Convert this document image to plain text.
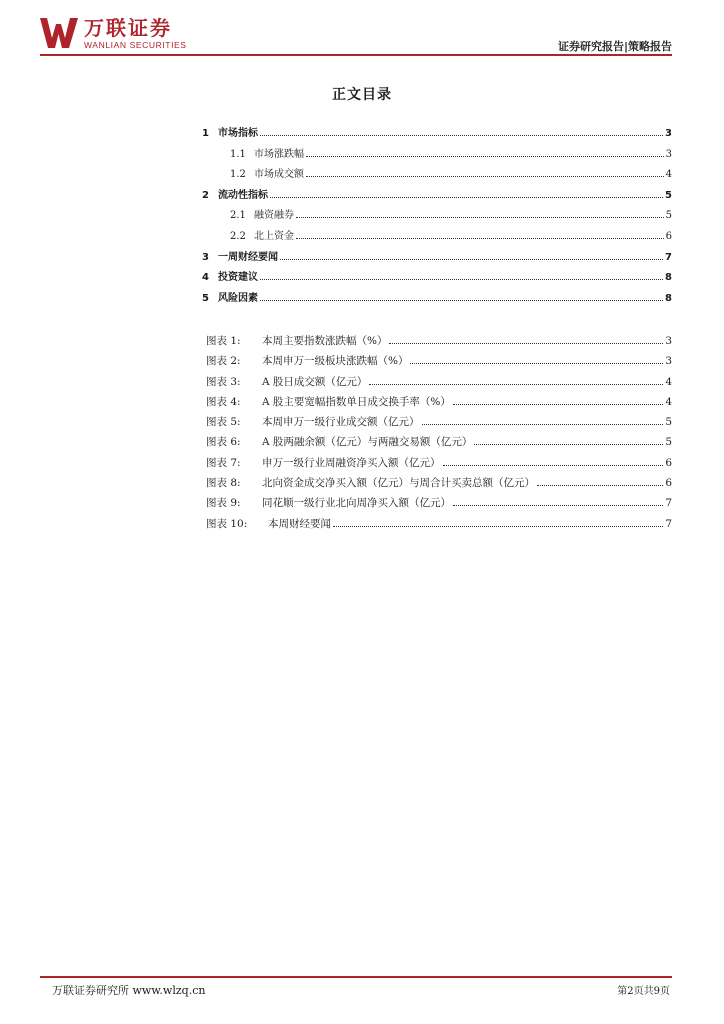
万联证券
WANLIAN SECURITIES	证券研究报告|策略报告
正文目录
1 市场指标	3
1.1 市场涨跌幅	3
1.2 市场成交额	4
2 流动性指标	5
2.1 融资融券	5
2.2 北上资金	6
3 一周财经要闻	7
4 投资建议	8
5 风险因素	8
图表 1:	本周主要指数涨跌幅（%）	3
图表 2:	本周申万一级板块涨跌幅（%）	3
图表 3:	A 股日成交额（亿元）	4
图表 4:	A 股主要宽幅指数单日成交换手率（%）	4
图表 5:	本周申万一级行业成交额（亿元）	5
图表 6:	A 股两融余额（亿元）与两融交易额（亿元）	5
图表 7:	申万一级行业周融资净买入额（亿元）	6
图表 8:	北向资金成交净买入额（亿元）与周合计买卖总额（亿元）	6
图表 9:	同花顺一级行业北向周净买入额（亿元）	7
图表 10:	本周财经要闻	7
万联证券研究所 www.wlzq.cn	第2页共9页
